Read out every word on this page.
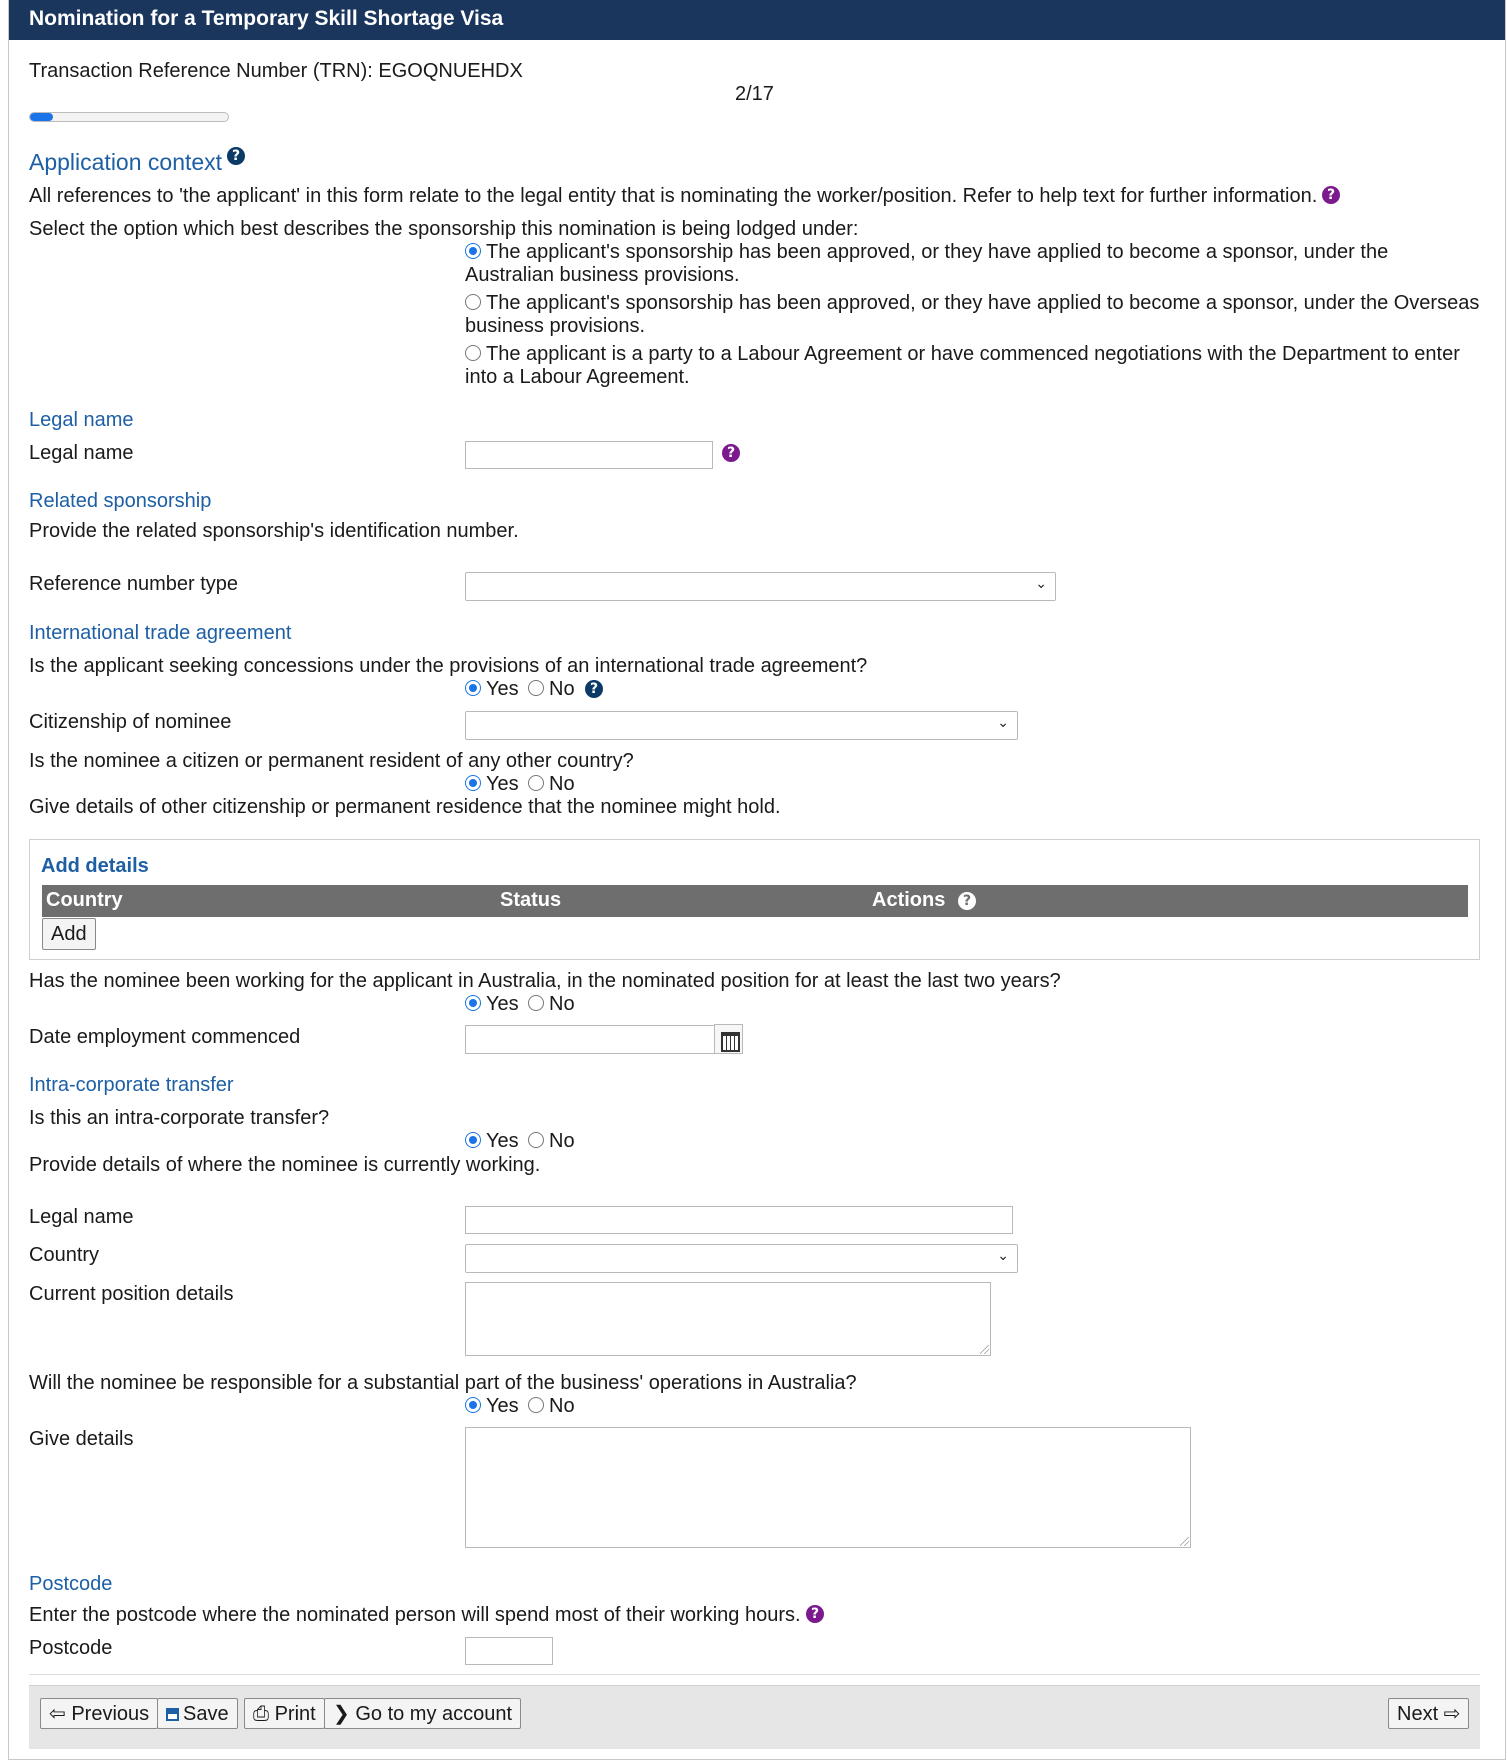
Nomination for a Temporary Skill Shortage Visa
Transaction Reference Number (TRN): EGOQNUEHDX
2/17
Application context ?
All references to 'the applicant' in this form relate to the legal entity that is nominating the worker/position. Refer to help text for further information. ?
Select the option which best describes the sponsorship this nomination is being lodged under:
The applicant's sponsorship has been approved, or they have applied to become a sponsor, under the
Australian business provisions.
The applicant's sponsorship has been approved, or they have applied to become a sponsor, under the Overseas
business provisions.
The applicant is a party to a Labour Agreement or have commenced negotiations with the Department to enter
into a Labour Agreement.
Legal name
Legal name	?
Related sponsorship
Provide the related sponsorship's identification number.
Reference number type	⌄
International trade agreement
Is the applicant seeking concessions under the provisions of an international trade agreement?
Yes No	?
Citizenship of nominee	⌄
Is the nominee a citizen or permanent resident of any other country?
Yes No
Give details of other citizenship or permanent residence that the nominee might hold.
Add details
Country	Status	Actions	?
Add
Has the nominee been working for the applicant in Australia, in the nominated position for at least the last two years?
Yes No
Date employment commenced
Intra-corporate transfer
Is this an intra-corporate transfer?
Yes No
Provide details of where the nominee is currently working.
Legal name
Country	⌄
Current position details
Will the nominee be responsible for a substantial part of the business' operations in Australia?
Yes No
Give details
Postcode
Enter the postcode where the nominated person will spend most of their working hours. ?
Postcode
⇦ Previous	Save	⎙ Print ❯ Go to my account	Next ⇨
